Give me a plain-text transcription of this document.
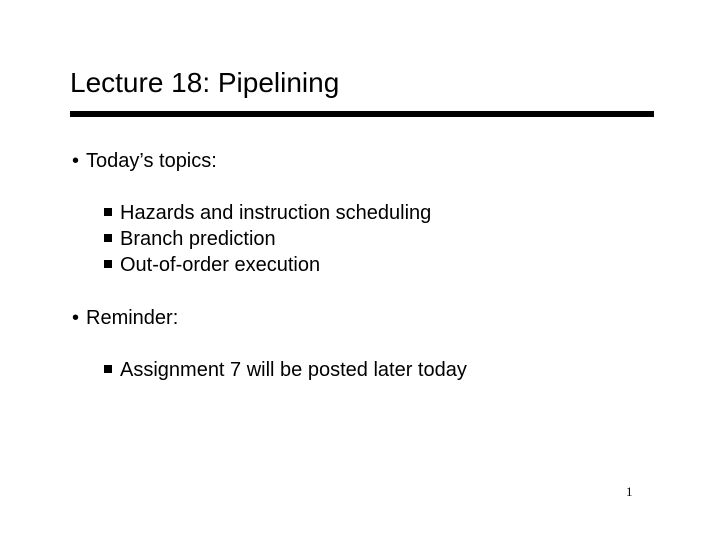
Lecture 18: Pipelining
• Today’s topics:
Hazards and instruction scheduling
Branch prediction
Out-of-order execution
• Reminder:
Assignment 7 will be posted later today
1
